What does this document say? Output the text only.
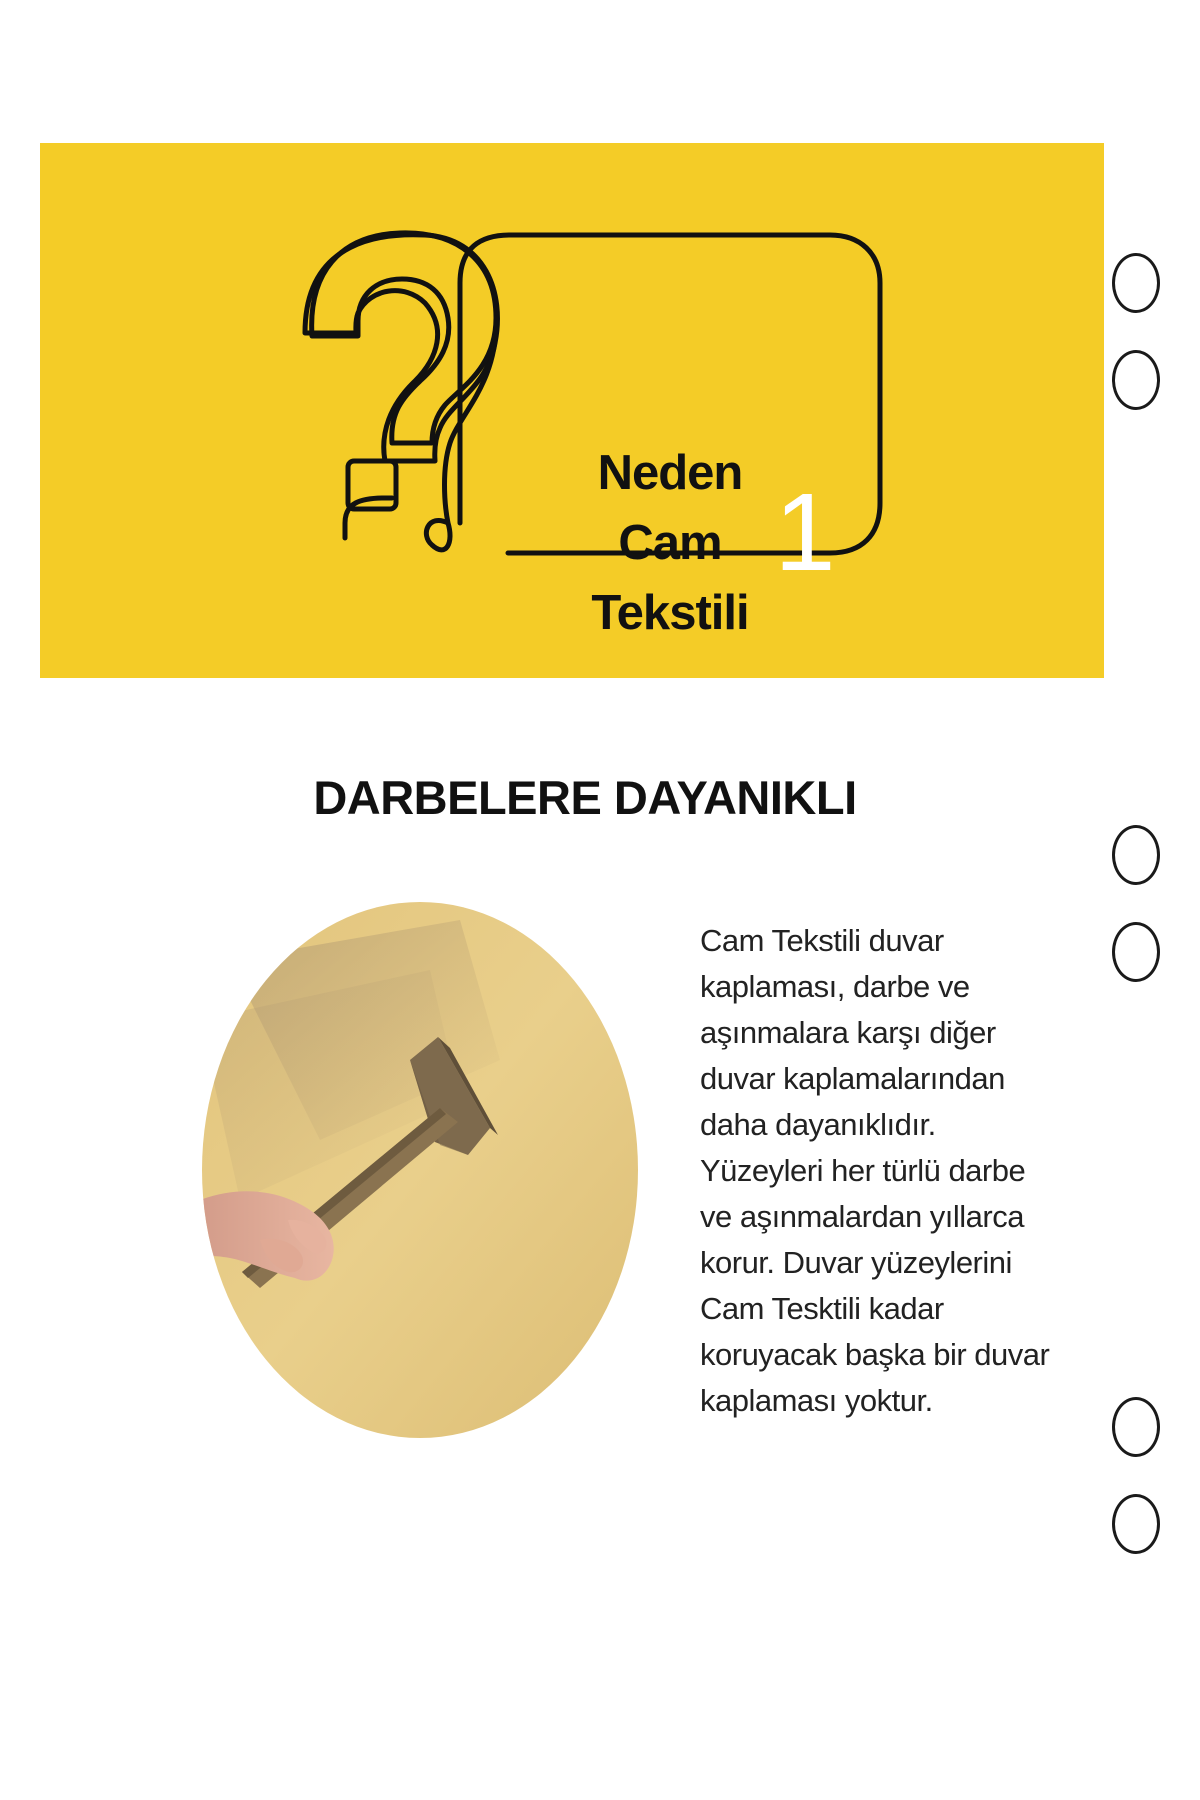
Neden
Cam
Tekstili
1
DARBELERE DAYANIKLI

Cam Tekstili duvar
kaplaması, darbe ve
aşınmalara karşı diğer
duvar kaplamalarından
daha dayanıklıdır.
Yüzeyleri her türlü darbe
ve aşınmalardan yıllarca
korur. Duvar yüzeylerini
Cam Tesktili kadar
koruyacak başka bir duvar
kaplaması yoktur.
